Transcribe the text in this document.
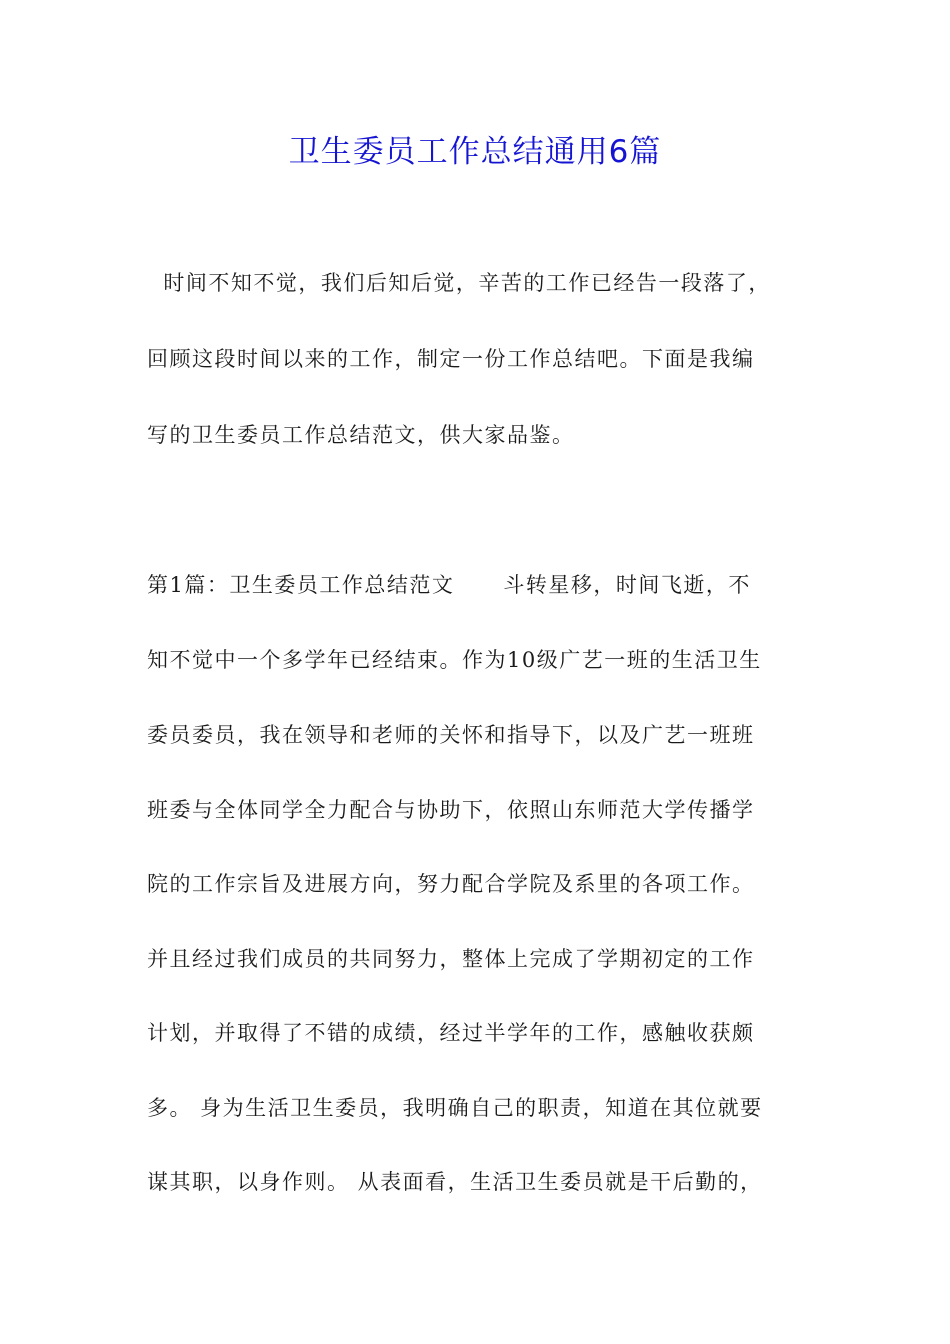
卫生委员工作总结通用6篇
时间不知不觉，我们后知后觉，辛苦的工作已经告一段落了，
回顾这段时间以来的工作，制定一份工作总结吧。下面是我编
写的卫生委员工作总结范文，供大家品鉴。
第1篇：卫生委员工作总结范文      斗转星移，时间飞逝，不
知不觉中一个多学年已经结束。作为10级广艺一班的生活卫生
委员委员，我在领导和老师的关怀和指导下，以及广艺一班班
班委与全体同学全力配合与协助下，依照山东师范大学传播学
院的工作宗旨及进展方向，努力配合学院及系里的各项工作。
并且经过我们成员的共同努力，整体上完成了学期初定的工作
计划，并取得了不错的成绩，经过半学年的工作，感触收获颇
多。 身为生活卫生委员，我明确自己的职责，知道在其位就要
谋其职，以身作则。 从表面看，生活卫生委员就是干后勤的，
